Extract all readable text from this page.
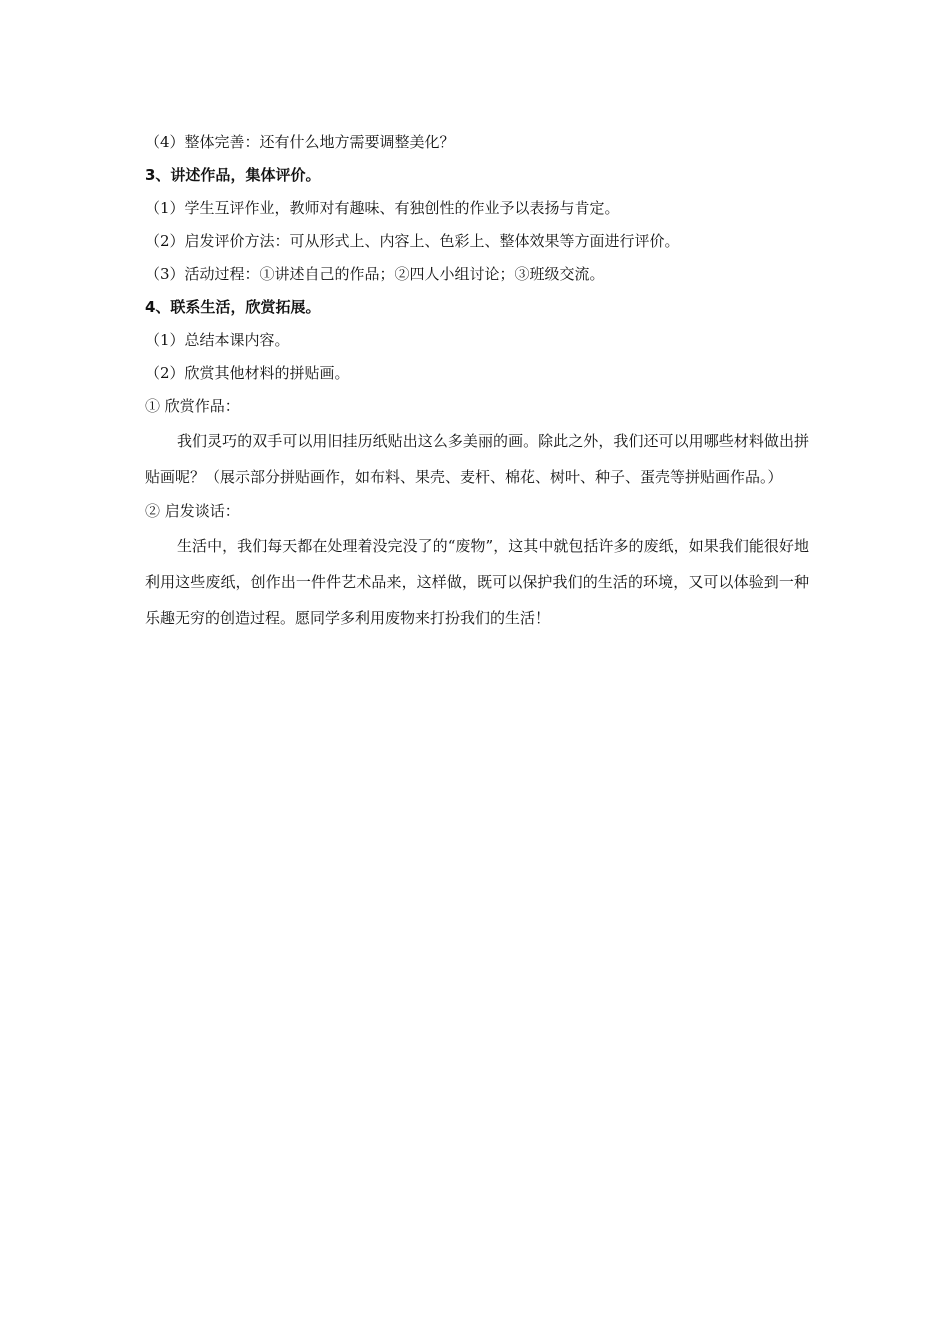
（4）整体完善：还有什么地方需要调整美化？
3、讲述作品，集体评价。
（1）学生互评作业，教师对有趣味、有独创性的作业予以表扬与肯定。
（2）启发评价方法：可从形式上、内容上、色彩上、整体效果等方面进行评价。
（3）活动过程：①讲述自己的作品；②四人小组讨论；③班级交流。
4、联系生活，欣赏拓展。
（1）总结本课内容。
（2）欣赏其他材料的拼贴画。
① 欣赏作品：

我们灵巧的双手可以用旧挂历纸贴出这么多美丽的画。除此之外，我们还可以用哪些材料做出拼贴画呢？（展示部分拼贴画作，如布料、果壳、麦杆、棉花、树叶、种子、蛋壳等拼贴画作品。）

② 启发谈话：

生活中，我们每天都在处理着没完没了的“废物”，这其中就包括许多的废纸，如果我们能很好地利用这些废纸，创作出一件件艺术品来，这样做，既可以保护我们的生活的环境，又可以体验到一种乐趣无穷的创造过程。愿同学多利用废物来打扮我们的生活！
